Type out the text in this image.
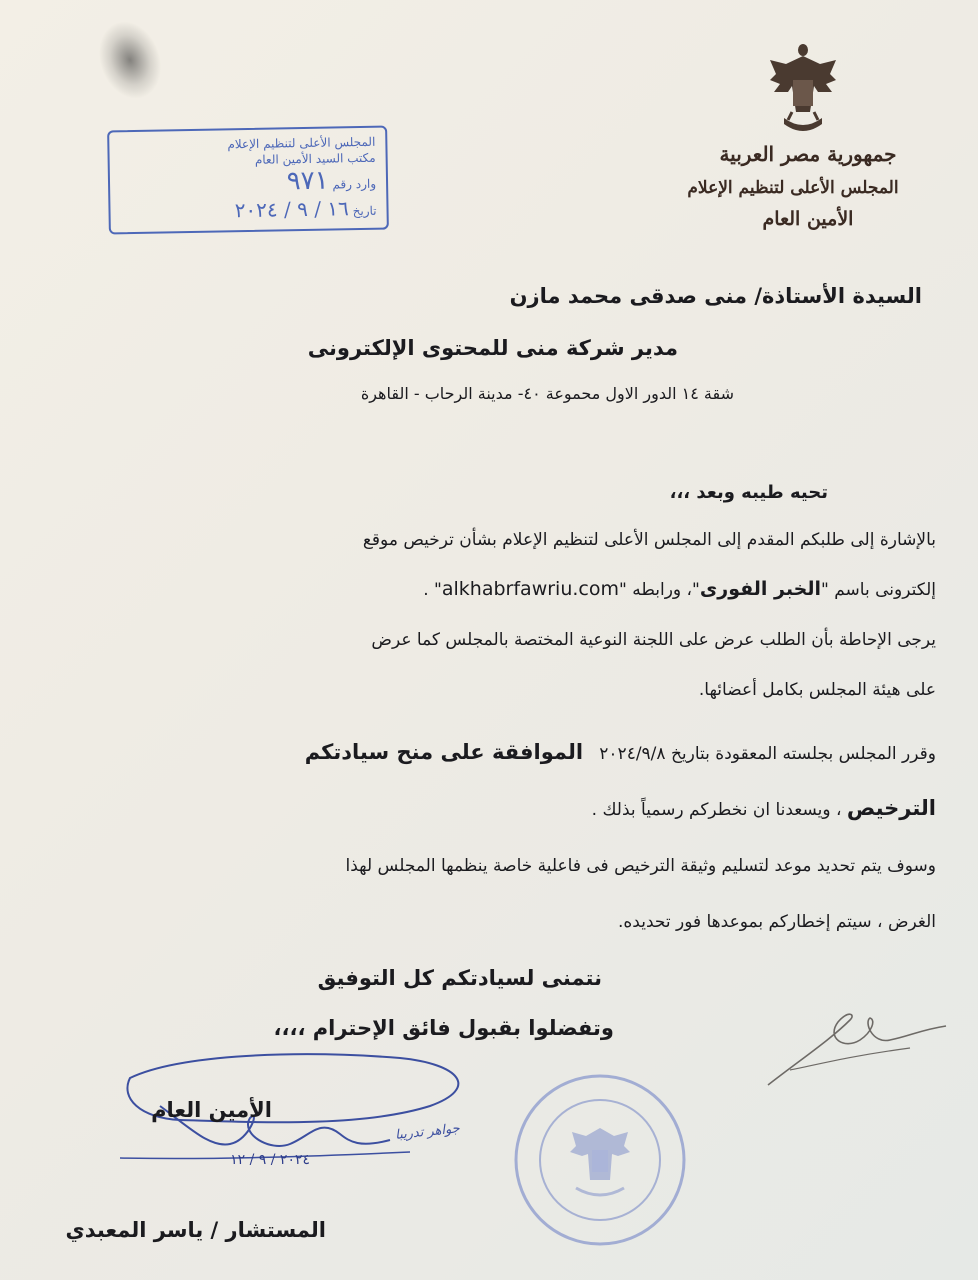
المجلس الأعلى لتنظيم الإعلام
مكتب السيد الأمين العام
وارد رقم ٩٧١
تاريخ ١٦ / ٩ / ٢٠٢٤
جمهورية مصر العربية
المجلس الأعلى لتنظيم الإعلام
الأمين العام
السيدة الأستاذة/ منى صدقى محمد مازن
مدير شركة منى للمحتوى الإلكترونى
شقة ١٤ الدور الاول محموعة ٤٠- مدينة الرحاب - القاهرة
تحيه طيبه وبعد ،،،
بالإشارة إلى طلبكم المقدم إلى المجلس الأعلى لتنظيم الإعلام بشأن ترخيص موقع
إلكترونى باسم "الخبر الفورى"، ورابطه "alkhabrfawriu.com" .
يرجى الإحاطة بأن الطلب عرض على اللجنة النوعية المختصة بالمجلس كما عرض
على هيئة المجلس بكامل أعضائها.
وقرر المجلس بجلسته المعقودة بتاريخ ٢٠٢٤/٩/٨   الموافقة على منح سيادتكم
الترخيص ، ويسعدنا ان نخطركم رسمياً بذلك .
وسوف يتم تحديد موعد لتسليم وثيقة الترخيص فى فاعلية خاصة ينظمها المجلس لهذا
الغرض ، سيتم إخطاركم بموعدها فور تحديده.
نتمنى لسيادتكم كل التوفيق
وتفضلوا بقبول فائق الإحترام ،،،،
جواهر تدريبا
٢٠٢٤ / ٩ / ١٢
الأمين العام
المستشار / ياسر المعبدي
